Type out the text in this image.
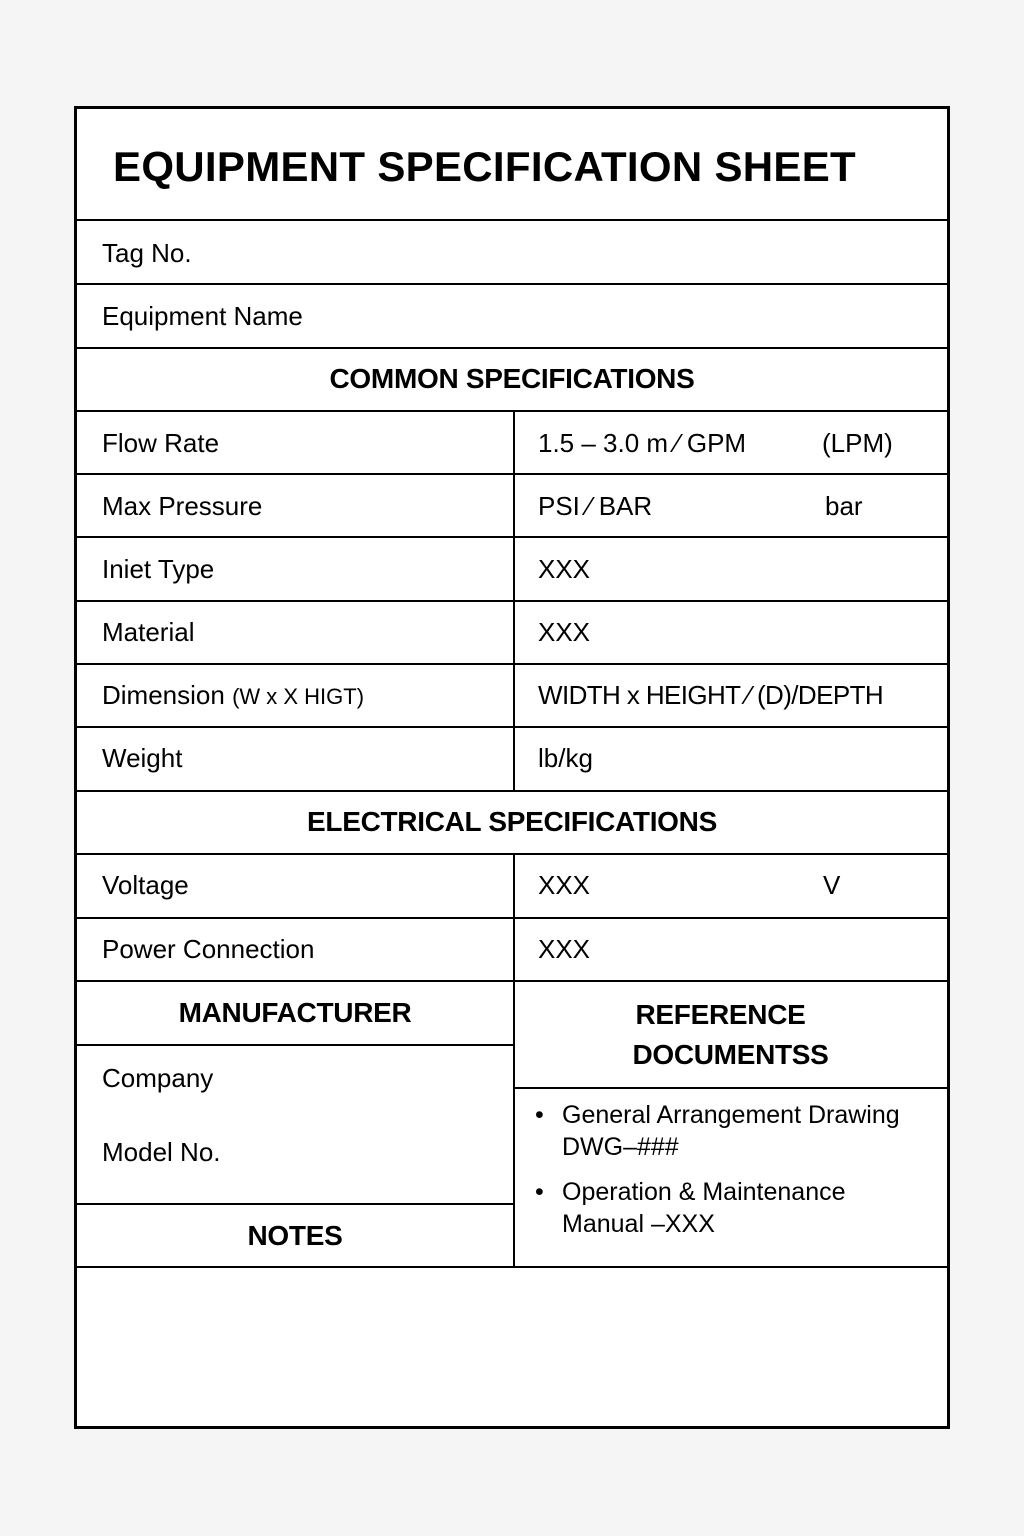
EQUIPMENT SPECIFICATION SHEET
Tag No.
Equipment Name
COMMON SPECIFICATIONS
Flow Rate	1.5 – 3.0 m ⁄ GPM	(LPM)
Max Pressure	PSI ⁄ BAR	bar
Iniet Type	XXX
Material	XXX
Dimension (W x X HIGT)	WIDTH x HEIGHT ⁄ (D)/DEPTH
Weight	lb/kg
ELECTRICAL SPECIFICATIONS
Voltage	XXX	V
Power Connection	XXX
MANUFACTURER
Company
Model No.
NOTES
REFERENCE
DOCUMENTSS
• General Arrangement Drawing
DWG–###
• Operation & Maintenance
Manual –XXX
